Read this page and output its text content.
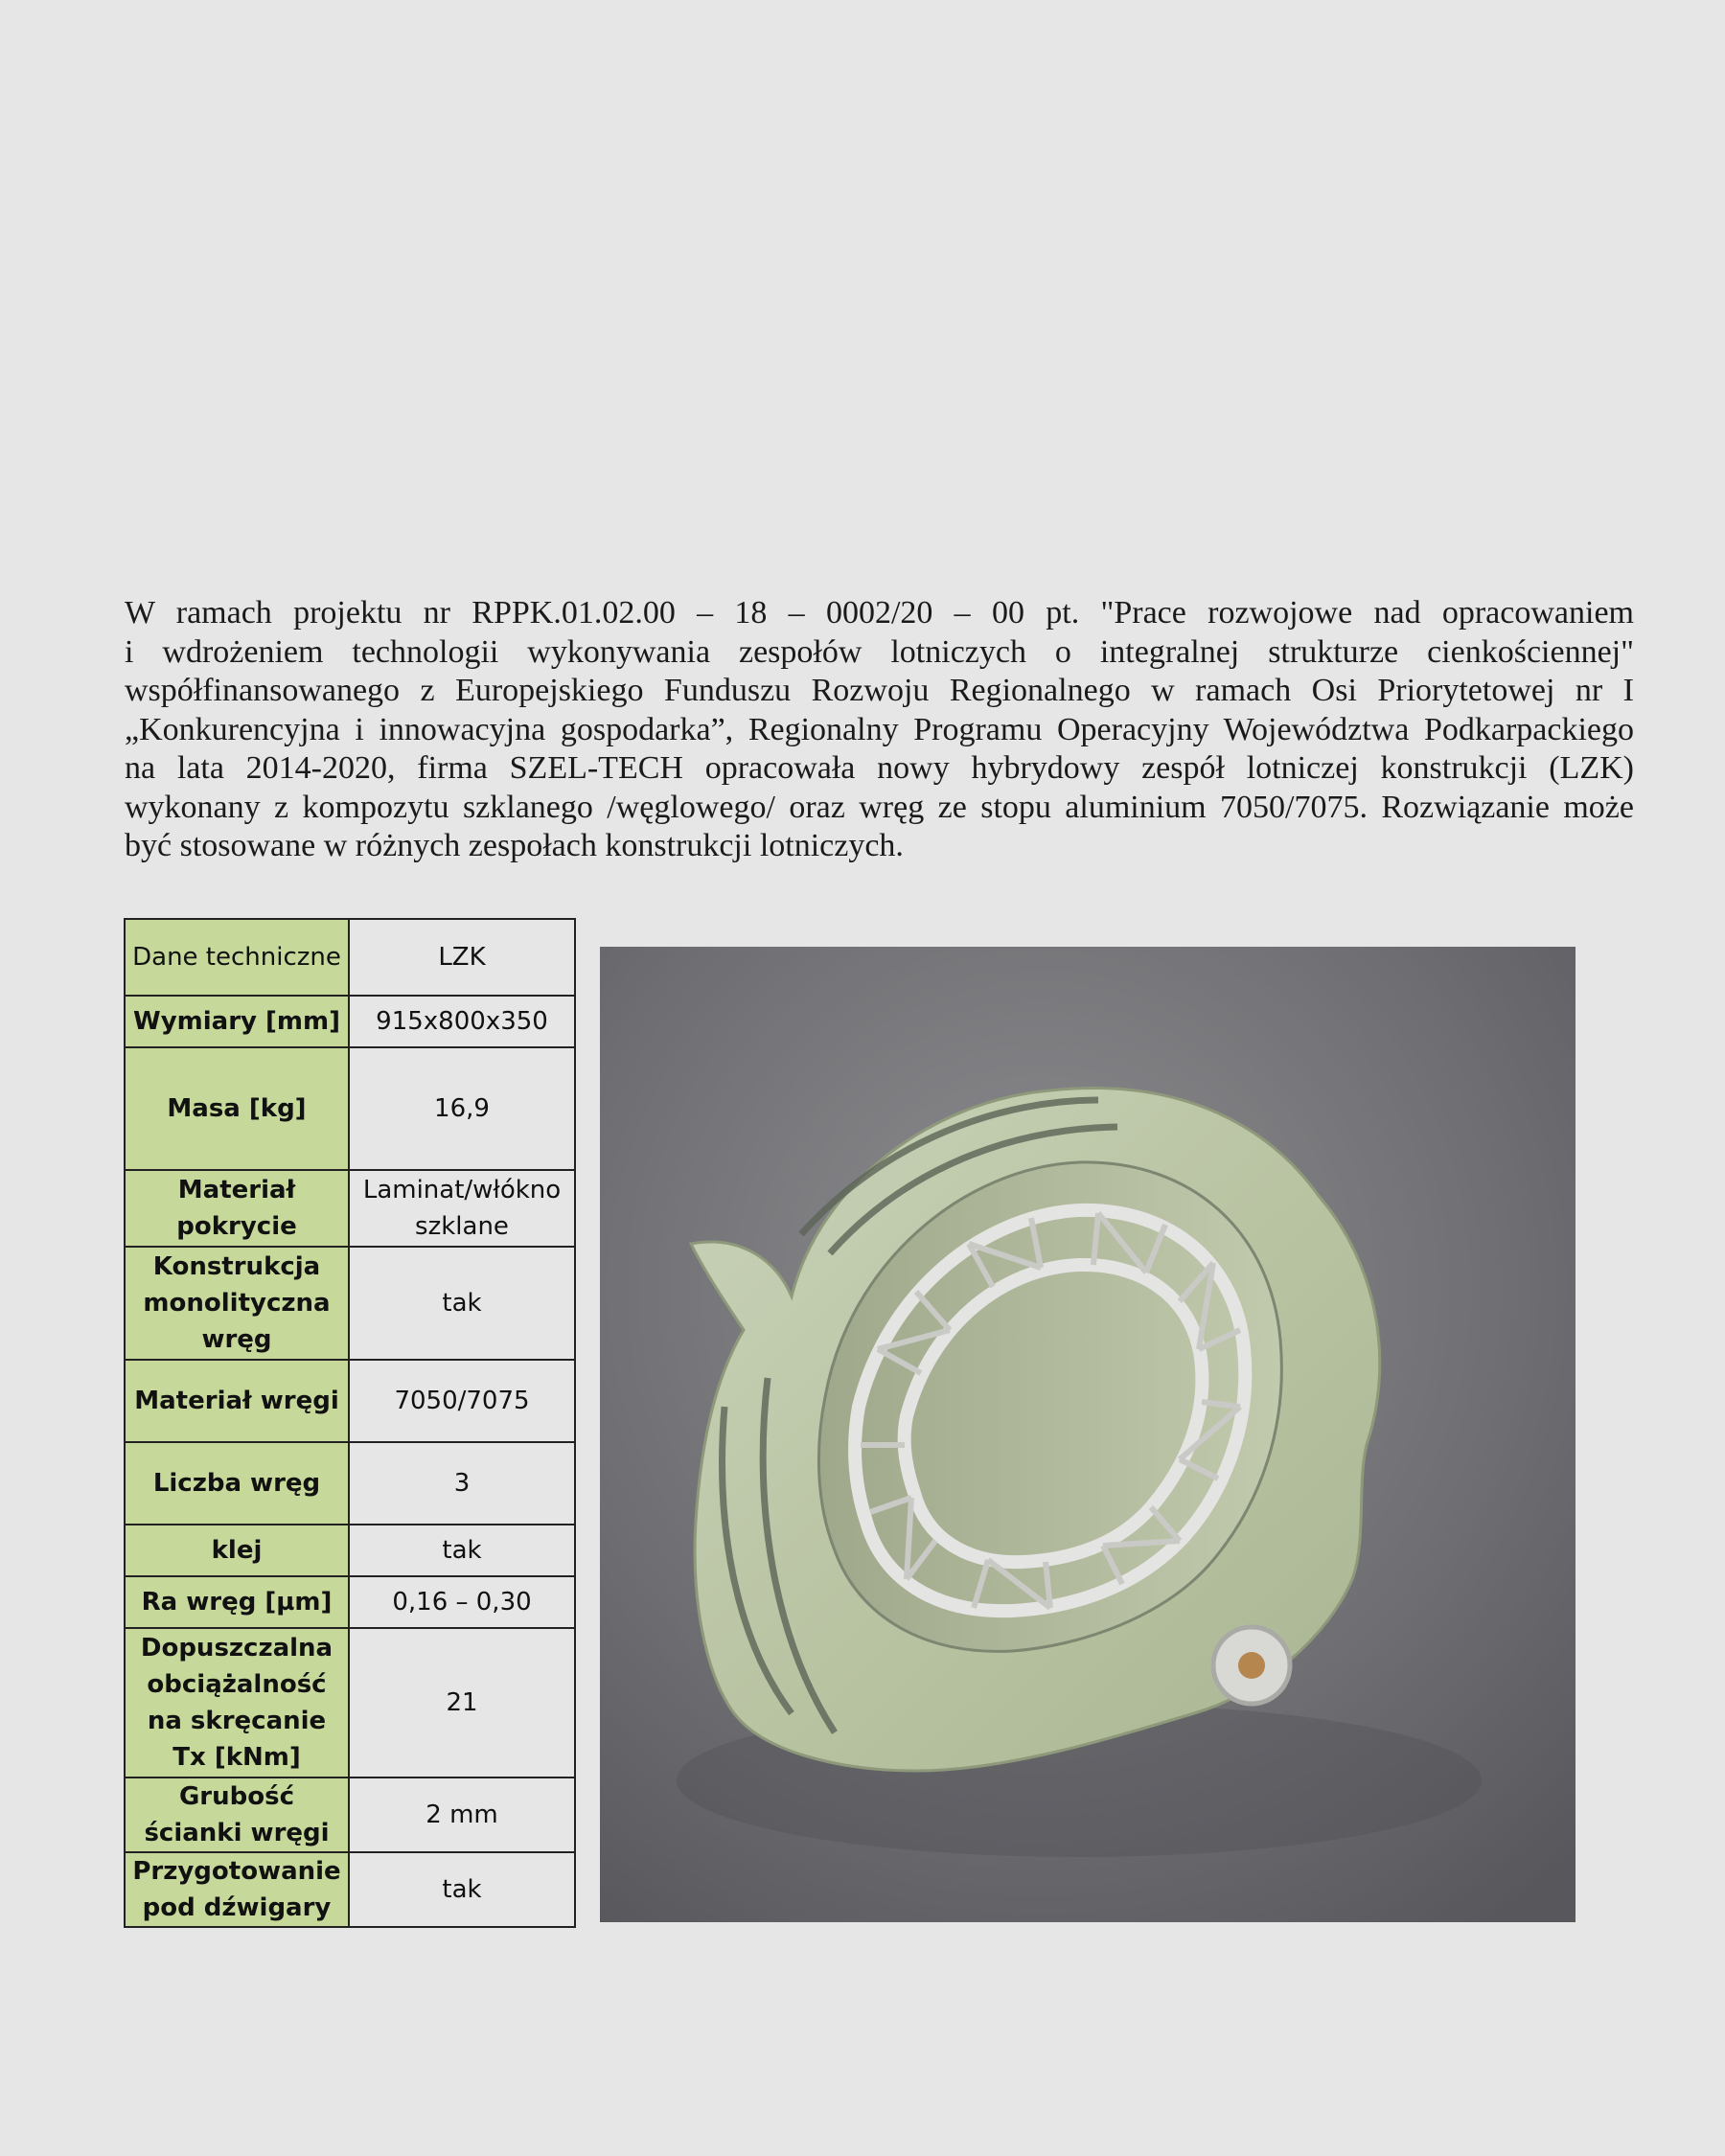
W ramach projektu nr RPPK.01.02.00 – 18 – 0002/20 – 00 pt. "Prace rozwojowe nad opracowaniem
i wdrożeniem technologii wykonywania zespołów lotniczych o integralnej strukturze cienkościennej"
współfinansowanego z Europejskiego Funduszu Rozwoju Regionalnego w ramach Osi Priorytetowej nr I
„Konkurencyjna i innowacyjna gospodarka”, Regionalny Programu Operacyjny Województwa Podkarpackiego
na lata 2014-2020, firma SZEL-TECH opracowała nowy hybrydowy zespół lotniczej konstrukcji (LZK)
wykonany z kompozytu szklanego /węglowego/ oraz wręg ze stopu aluminium 7050/7075. Rozwiązanie może
być stosowane w różnych zespołach konstrukcji lotniczych.
Dane techniczne	LZK
Wymiary [mm]	915x800x350
Masa [kg]	16,9
Materiał pokrycie	Laminat/włókno szklane
Konstrukcja monolityczna wręg	tak
Materiał wręgi	7050/7075
Liczba wręg	3
klej	tak
Ra wręg [µm]	0,16 – 0,30
Dopuszczalna obciążalność na skręcanie Tx [kNm]	21
Grubość ścianki wręgi	2 mm
Przygotowanie pod dźwigary	tak
